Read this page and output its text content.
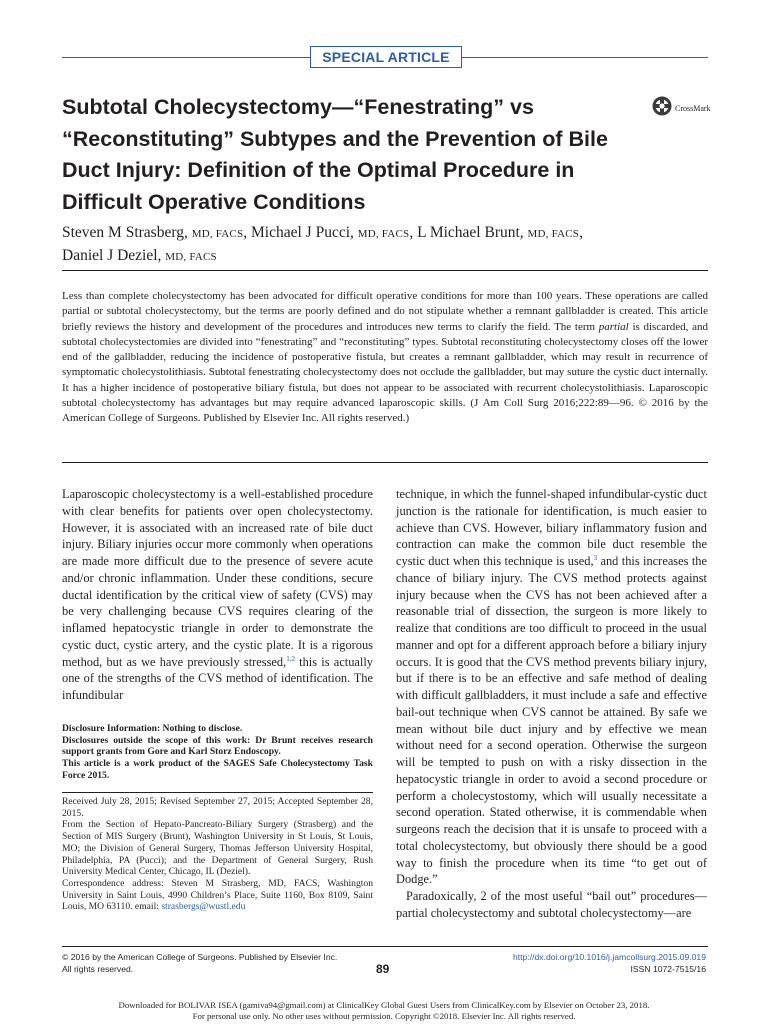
SPECIAL ARTICLE
Subtotal Cholecystectomy—“Fenestrating” vs “Reconstituting” Subtypes and the Prevention of Bile Duct Injury: Definition of the Optimal Procedure in Difficult Operative Conditions
CrossMark
Steven M Strasberg, MD, FACS, Michael J Pucci, MD, FACS, L Michael Brunt, MD, FACS,
Daniel J Deziel, MD, FACS

Less than complete cholecystectomy has been advocated for difficult operative conditions for more than 100 years. These operations are called partial or subtotal cholecystectomy, but the terms are poorly defined and do not stipulate whether a remnant gallbladder is created. This article briefly reviews the history and development of the procedures and introduces new terms to clarify the field. The term partial is discarded, and subtotal cholecystectomies are divided into “fenestrating” and “reconstituting” types. Subtotal reconstituting cholecystectomy closes off the lower end of the gallbladder, reducing the incidence of postoperative fistula, but creates a remnant gallbladder, which may result in recurrence of symptomatic cholecystolithiasis. Subtotal fenestrating cholecystectomy does not occlude the gallbladder, but may suture the cystic duct internally. It has a higher incidence of postoperative biliary fistula, but does not appear to be associated with recurrent cholecystolithiasis. Laparoscopic subtotal cholecystectomy has advantages but may require advanced laparoscopic skills. (J Am Coll Surg 2016;222:89—96. © 2016 by the American College of Surgeons. Published by Elsevier Inc. All rights reserved.)

Laparoscopic cholecystectomy is a well-established procedure with clear benefits for patients over open cholecystectomy. However, it is associated with an increased rate of bile duct injury. Biliary injuries occur more commonly when operations are made more difficult due to the presence of severe acute and/or chronic inflammation. Under these conditions, secure ductal identification by the critical view of safety (CVS) may be very challenging because CVS requires clearing of the inflamed hepatocystic triangle in order to demonstrate the cystic duct, cystic artery, and the cystic plate. It is a rigorous method, but as we have previously stressed,$^{1,2}$ this is actually one of the strengths of the CVS method of identification. The infundibular

Disclosure Information: Nothing to disclose.

Disclosures outside the scope of this work: Dr Brunt receives research support grants from Gore and Karl Storz Endoscopy.

This article is a work product of the SAGES Safe Cholecystectomy Task Force 2015.

Received July 28, 2015; Revised September 27, 2015; Accepted September 28, 2015.

From the Section of Hepato-Pancreato-Biliary Surgery (Strasberg) and the Section of MIS Surgery (Brunt), Washington University in St Louis, St Louis, MO; the Division of General Surgery, Thomas Jefferson University Hospital, Philadelphia, PA (Pucci); and the Department of General Surgery, Rush University Medical Center, Chicago, IL (Deziel).

Correspondence address: Steven M Strasberg, MD, FACS, Washington University in Saint Louis, 4990 Children’s Place, Suite 1160, Box 8109, Saint Louis, MO 63110. email: strasbergs@wustl.edu

technique, in which the funnel-shaped infundibular-cystic duct junction is the rationale for identification, is much easier to achieve than CVS. However, biliary inflammatory fusion and contraction can make the common bile duct resemble the cystic duct when this technique is used,$^3$ and this increases the chance of biliary injury. The CVS method protects against injury because when the CVS has not been achieved after a reasonable trial of dissection, the surgeon is more likely to realize that conditions are too difficult to proceed in the usual manner and opt for a different approach before a biliary injury occurs. It is good that the CVS method prevents biliary injury, but if there is to be an effective and safe method of dealing with difficult gallbladders, it must include a safe and effective bail-out technique when CVS cannot be attained. By safe we mean without bile duct injury and by effective we mean without need for a second operation. Otherwise the surgeon will be tempted to push on with a risky dissection in the hepatocystic triangle in order to avoid a second procedure or perform a cholecystostomy, which will usually necessitate a second operation. Stated otherwise, it is commendable when surgeons reach the decision that it is unsafe to proceed with a total cholecystectomy, but obviously there should be a good way to finish the procedure when its time “to get out of Dodge.”

Paradoxically, 2 of the most useful “bail out” procedures—partial cholecystectomy and subtotal cholecystectomy—are

© 2016 by the American College of Surgeons. Published by Elsevier Inc.
All rights reserved.	89
http://dx.doi.org/10.1016/j.jamcollsurg.2015.09.019
ISSN 1072-7515/16
Downloaded for BOLIVAR ISEA (gamiva94@gmail.com) at ClinicalKey Global Guest Users from ClinicalKey.com by Elsevier on October 23, 2018.
For personal use only. No other uses without permission. Copyright ©2018. Elsevier Inc. All rights reserved.
